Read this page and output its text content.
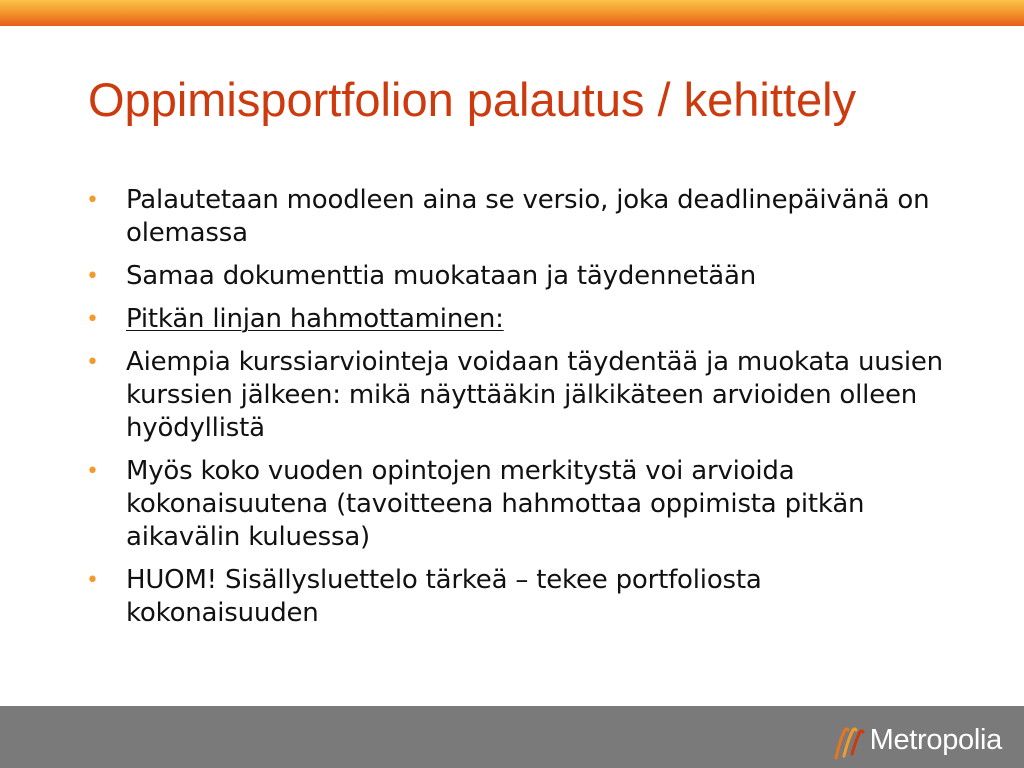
Oppimisportfolion palautus / kehittely
• Palautetaan moodleen aina se versio, joka deadlinepäivänä on olemassa
• Samaa dokumenttia muokataan ja täydennetään
• Pitkän linjan hahmottaminen:
• Aiempia kurssiarviointeja voidaan täydentää ja muokata uusien kurssien jälkeen: mikä näyttääkin jälkikäteen arvioiden olleen hyödyllistä
• Myös koko vuoden opintojen merkitystä voi arvioida kokonaisuutena (tavoitteena hahmottaa oppimista pitkän aikavälin kuluessa)
• HUOM! Sisällysluettelo tärkeä – tekee portfoliosta kokonaisuuden
Metropolia
